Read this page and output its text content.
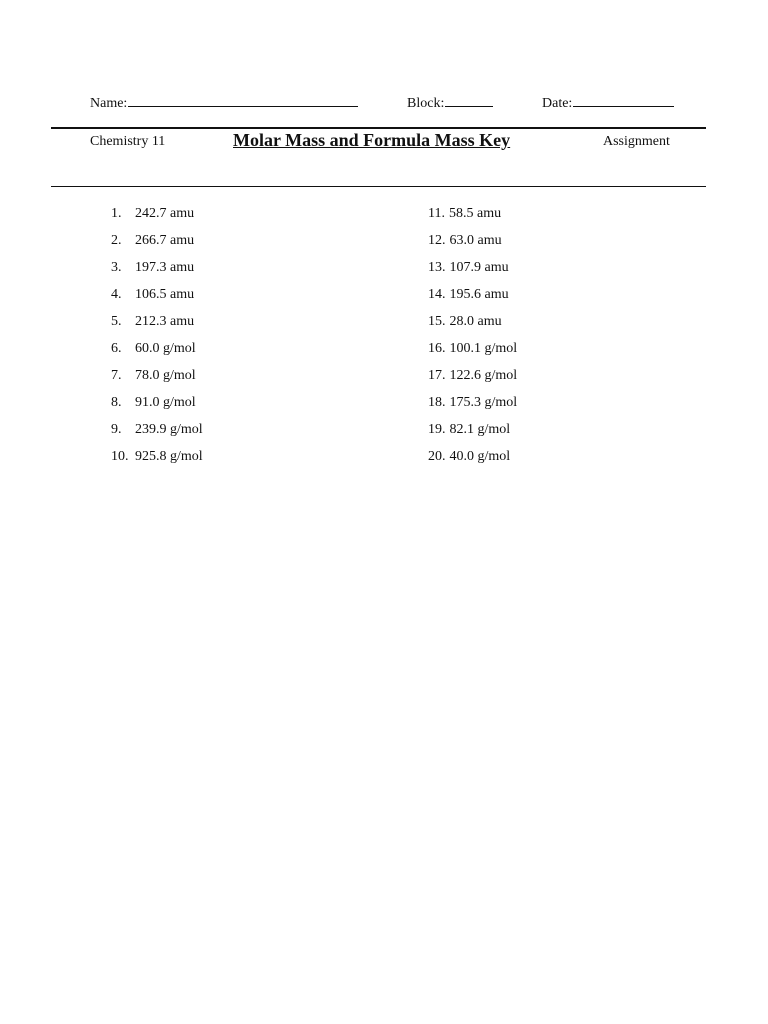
Name:	Block:	Date:
Chemistry 11	Molar Mass and Formula Mass Key	Assignment
1. 242.7 amu
2. 266.7 amu
3. 197.3 amu
4. 106.5 amu
5. 212.3 amu
6. 60.0 g/mol
7. 78.0 g/mol
8. 91.0 g/mol
9. 239.9 g/mol
10. 925.8 g/mol
11. 58.5 amu
12. 63.0 amu
13. 107.9 amu
14. 195.6 amu
15. 28.0 amu
16. 100.1 g/mol
17. 122.6 g/mol
18. 175.3 g/mol
19. 82.1 g/mol
20. 40.0 g/mol
